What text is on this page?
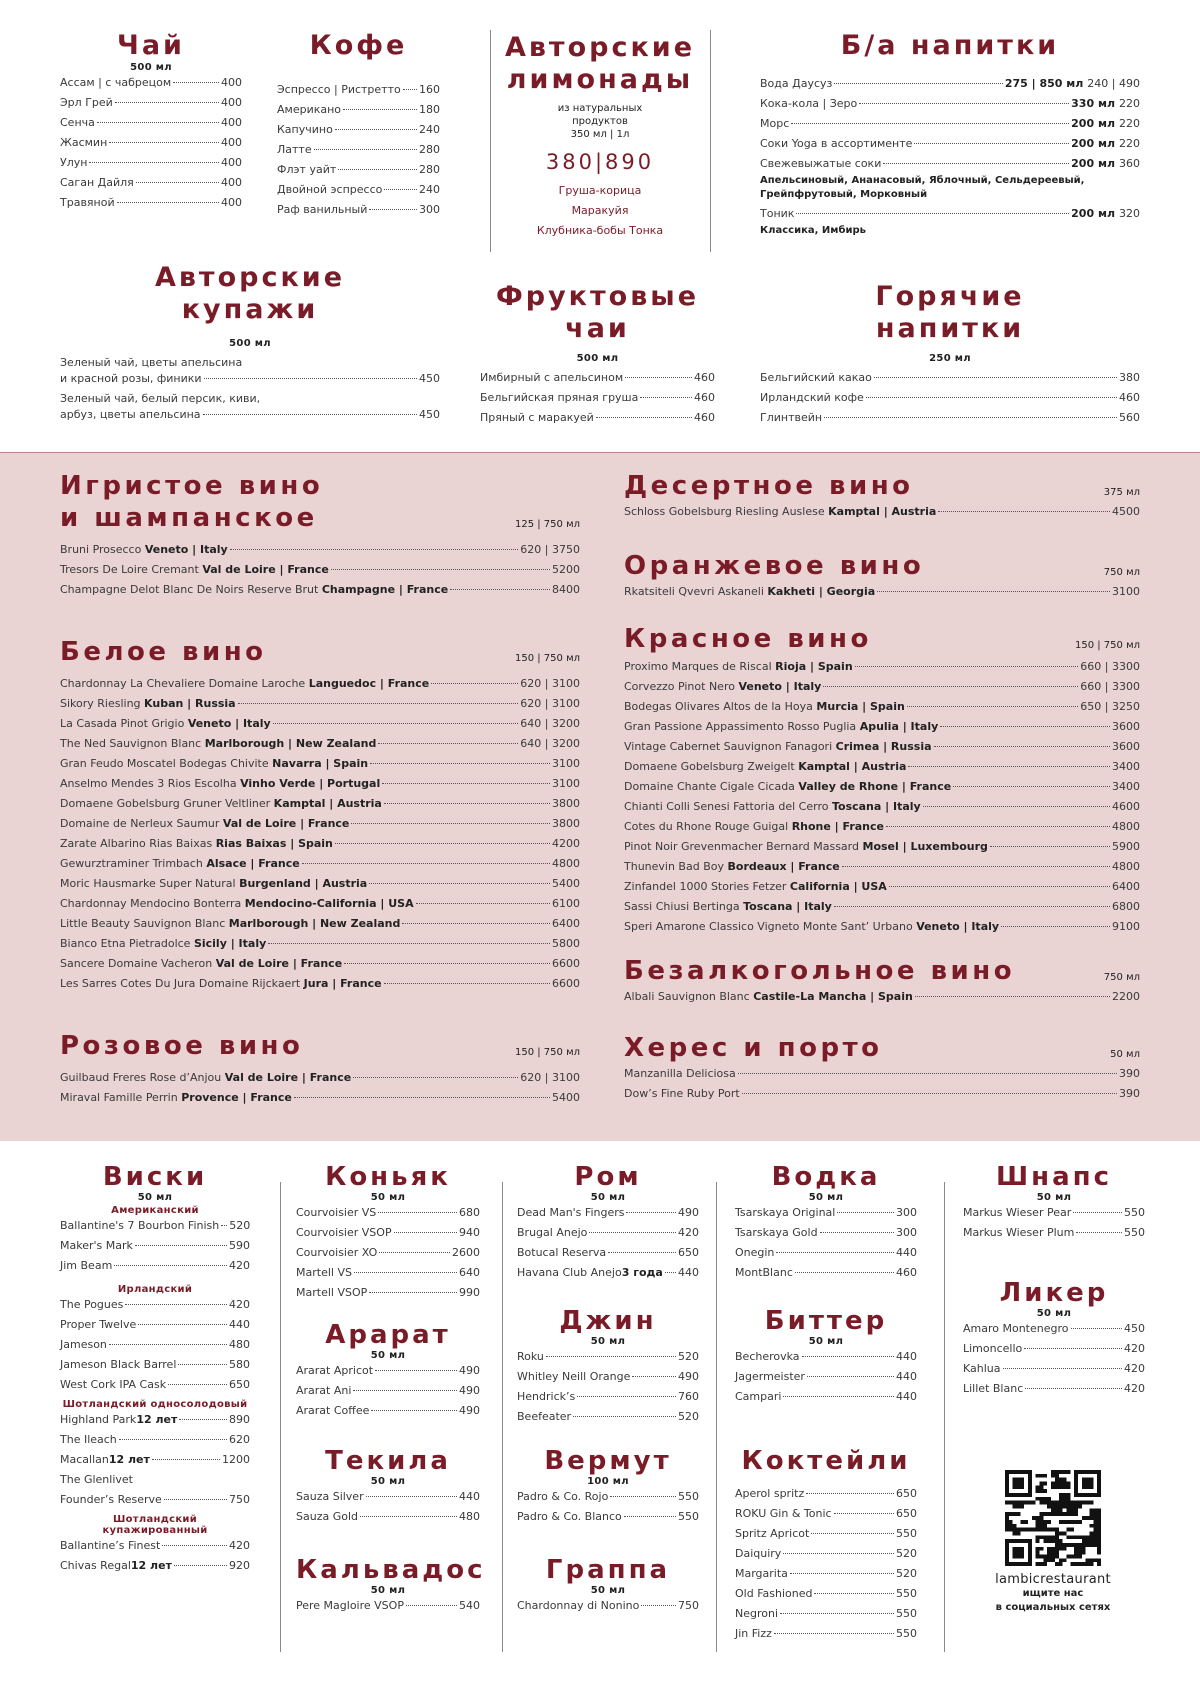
Чай
500 мл
Ассам | с чабрецом	400
Эрл Грей	400
Сенча	400
Жасмин	400
Улун	400
Саган Дайля	400
Травяной	400
Кофе
Эспрессо | Ристретто 160
Американо	180
Капучино	240
Латте	280
Флэт уайт	280
Двойной эспрессо	240
Раф ванильный	300
Авторские
лимонады
из натуральных
продуктов
350 мл | 1л
380|890
Груша-корица
Маракуйя
Клубника-бобы Тонка
Б/а напитки
Вода Даусуз	275 | 850 мл 240 | 490
Кока-кола | Зеро	330 мл 220
Морс	200 мл 220
Соки Yoga в ассортименте	200 мл 220
Свежевыжатые соки	200 мл 360
Апельсиновый, Ананасовый, Яблочный, Сельдереевый,
Грейпфрутовый, Морковный
Тоник	200 мл 320
Классика, Имбирь
Авторские
купажи
500 мл
Зеленый чай, цветы апельсина
и красной розы, финики	450
Зеленый чай, белый персик, киви,
арбуз, цветы апельсина	450
Фруктовые
чаи
500 мл
Имбирный с апельсином	460
Бельгийская пряная груша	460
Пряный с маракуей	460
Горячие
напитки
250 мл
Бельгийский какао	380
Ирландский кофе	460
Глинтвейн	560
Игристое вино
и шампанское	125 | 750 мл
Bruni Prosecco Veneto | Italy	620 | 3750
Tresors De Loire Cremant Val de Loire | France	5200
Champagne Delot Blanc De Noirs Reserve Brut Champagne | France	8400
Белое вино	150 | 750 мл
Chardonnay La Chevaliere Domaine Laroche Languedoc | France	620 | 3100
Sikory Riesling Kuban | Russia	620 | 3100
La Casada Pinot Grigio Veneto | Italy	640 | 3200
The Ned Sauvignon Blanc Marlborough | New Zealand	640 | 3200
Gran Feudo Moscatel Bodegas Chivite Navarra | Spain	3100
Anselmo Mendes 3 Rios Escolha Vinho Verde | Portugal	3100
Domaene Gobelsburg Gruner Veltliner Kamptal | Austria	3800
Domaine de Nerleux Saumur Val de Loire | France	3800
Zarate Albarino Rias Baixas Rias Baixas | Spain	4200
Gewurztraminer Trimbach Alsace | France	4800
Moric Hausmarke Super Natural Burgenland | Austria	5400
Chardonnay Mendocino Bonterra Mendocino-California | USA	6100
Little Beauty Sauvignon Blanc Marlborough | New Zealand	6400
Bianco Etna Pietradolce Sicily | Italy	5800
Sancere Domaine Vacheron Val de Loire | France	6600
Les Sarres Cotes Du Jura Domaine Rijckaert Jura | France	6600
Розовое вино	150 | 750 мл
Guilbaud Freres Rose d’Anjou Val de Loire | France	620 | 3100
Miraval Famille Perrin Provence | France	5400
Десертное вино	375 мл
Schloss Gobelsburg Riesling Auslese Kamptal | Austria	4500
Оранжевое вино	750 мл
Rkatsiteli Qvevri Askaneli Kakheti | Georgia	3100
Красное вино	150 | 750 мл
Proximo Marques de Riscal Rioja | Spain	660 | 3300
Corvezzo Pinot Nero Veneto | Italy	660 | 3300
Bodegas Olivares Altos de la Hoya Murcia | Spain	650 | 3250
Gran Passione Appassimento Rosso Puglia Apulia | Italy	3600
Vintage Cabernet Sauvignon Fanagori Crimea | Russia	3600
Domaene Gobelsburg Zweigelt Kamptal | Austria	3400
Domaine Chante Cigale Cicada Valley de Rhone | France	3400
Chianti Colli Senesi Fattoria del Cerro Toscana | Italy	4600
Cotes du Rhone Rouge Guigal Rhone | France	4800
Pinot Noir Grevenmacher Bernard Massard Mosel | Luxembourg	5900
Thunevin Bad Boy Bordeaux | France	4800
Zinfandel 1000 Stories Fetzer California | USA	6400
Sassi Chiusi Bertinga Toscana | Italy	6800
Speri Amarone Classico Vigneto Monte Sant’ Urbano Veneto | Italy	9100
Безалкогольное вино	750 мл
Albali Sauvignon Blanc Castile-La Mancha | Spain	2200
Херес и порто	50 мл
Manzanilla Deliciosa	390
Dow’s Fine Ruby Port	390
Виски
50 мл
Американский
Ballantine's 7 Bourbon Finish 520
Maker's Mark	590
Jim Beam	420
Ирландский
The Pogues	420
Proper Twelve	440
Jameson	480
Jameson Black Barrel	580
West Cork IPA Cask	650
Шотландский односолодовый
Highland Park 12 лет	890
The Ileach	620
Macallan 12 лет	1200
The Glenlivet
Founder’s Reserve	750
Шотландский купажированный
Ballantine’s Finest	420
Chivas Regal 12 лет	920
Коньяк
50 мл
Courvoisier VS	680
Courvoisier VSOP	940
Courvoisier XO	2600
Martell VS	640
Martell VSOP	990
Арарат
50 мл
Ararat Apricot	490
Ararat Ani	490
Ararat Coffee	490
Текила
50 мл
Sauza Silver	440
Sauza Gold	480
Кальвадос
50 мл
Pere Magloire VSOP	540
Ром
50 мл
Dead Man's Fingers	490
Brugal Anejo	420
Botucal Reserva	650
Havana Club Anejo 3 года 440
Джин
50 мл
Roku	520
Whitley Neill Orange	490
Hendrick’s	760
Beefeater	520
Вермут
100 мл
Padro & Co. Rojo	550
Padro & Co. Blanco	550
Граппа
50 мл
Chardonnay di Nonino	750
Водка
50 мл
Tsarskaya Original	300
Tsarskaya Gold	300
Onegin	440
MontBlanc	460
Биттер
50 мл
Becherovka	440
Jagermeister	440
Campari	440
Коктейли
Aperol spritz	650
ROKU Gin & Tonic	650
Spritz Apricot	550
Daiquiry	520
Margarita	520
Old Fashioned	550
Negroni	550
Jin Fizz	550
Шнапс
50 мл
Markus Wieser Pear	550
Markus Wieser Plum	550
Ликер
50 мл
Amaro Montenegro	450
Limoncello	420
Kahlua	420
Lillet Blanc	420
lambicrestaurant
ищите нас
в социальных сетях
